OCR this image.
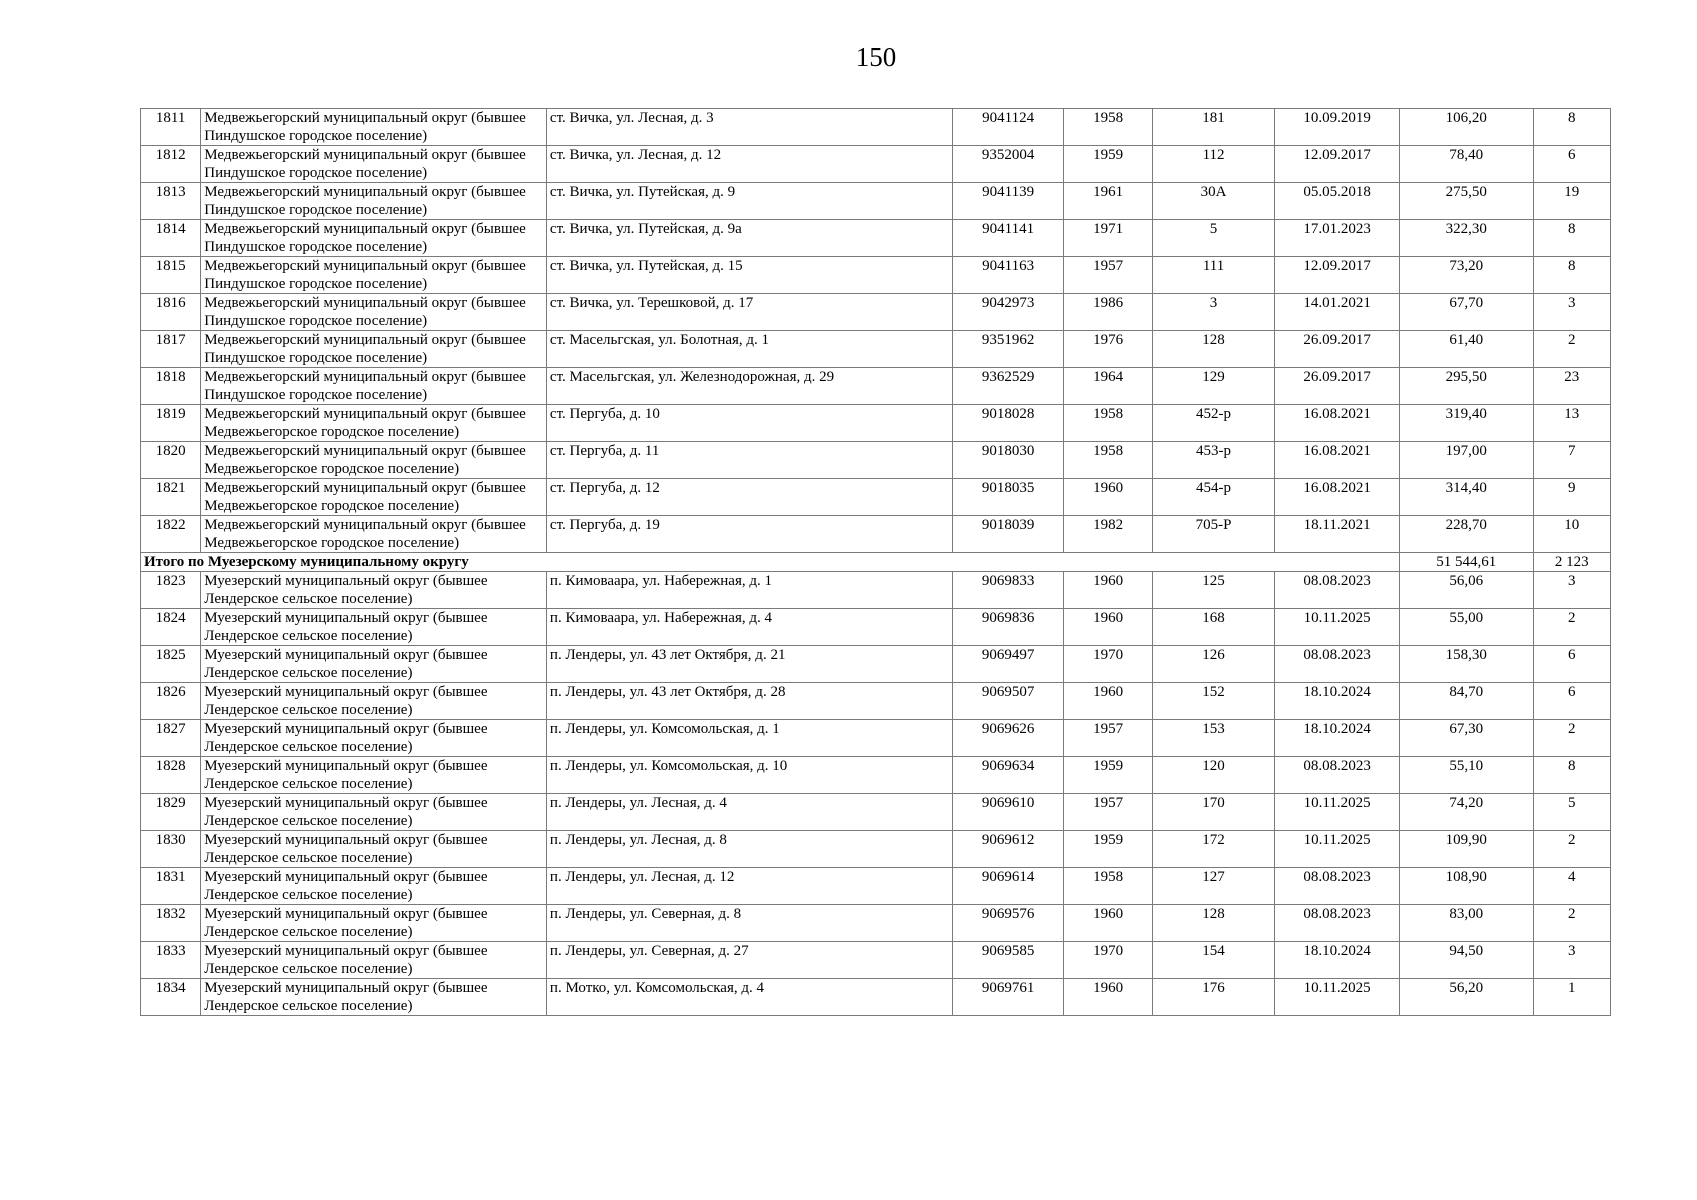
150
1811	Медвежьегорский муниципальный округ (бывшее Пиндушское городское поселение)	ст. Вичка, ул. Лесная, д. 3	9041124	1958	181	10.09.2019	106,20	8
1812	Медвежьегорский муниципальный округ (бывшее Пиндушское городское поселение)	ст. Вичка, ул. Лесная, д. 12	9352004	1959	112	12.09.2017	78,40	6
1813	Медвежьегорский муниципальный округ (бывшее Пиндушское городское поселение)	ст. Вичка, ул. Путейская, д. 9	9041139	1961	30А	05.05.2018	275,50	19
1814	Медвежьегорский муниципальный округ (бывшее Пиндушское городское поселение)	ст. Вичка, ул. Путейская, д. 9а	9041141	1971	5	17.01.2023	322,30	8
1815	Медвежьегорский муниципальный округ (бывшее Пиндушское городское поселение)	ст. Вичка, ул. Путейская, д. 15	9041163	1957	111	12.09.2017	73,20	8
1816	Медвежьегорский муниципальный округ (бывшее Пиндушское городское поселение)	ст. Вичка, ул. Терешковой, д. 17	9042973	1986	3	14.01.2021	67,70	3
1817	Медвежьегорский муниципальный округ (бывшее Пиндушское городское поселение)	ст. Масельгская, ул. Болотная, д. 1	9351962	1976	128	26.09.2017	61,40	2
1818	Медвежьегорский муниципальный округ (бывшее Пиндушское городское поселение)	ст. Масельгская, ул. Железнодорожная, д. 29	9362529	1964	129	26.09.2017	295,50	23
1819	Медвежьегорский муниципальный округ (бывшее Медвежьегорское городское поселение)	ст. Пергуба, д. 10	9018028	1958	452-р	16.08.2021	319,40	13
1820	Медвежьегорский муниципальный округ (бывшее Медвежьегорское городское поселение)	ст. Пергуба, д. 11	9018030	1958	453-р	16.08.2021	197,00	7
1821	Медвежьегорский муниципальный округ (бывшее Медвежьегорское городское поселение)	ст. Пергуба, д. 12	9018035	1960	454-р	16.08.2021	314,40	9
1822	Медвежьегорский муниципальный округ (бывшее Медвежьегорское городское поселение)	ст. Пергуба, д. 19	9018039	1982	705-Р	18.11.2021	228,70	10
Итого по Муезерскому муниципальному округу							51 544,61	2 123
1823	Муезерский муниципальный округ (бывшее Лендерское сельское поселение)	п. Кимоваара, ул. Набережная, д. 1	9069833	1960	125	08.08.2023	56,06	3
1824	Муезерский муниципальный округ (бывшее Лендерское сельское поселение)	п. Кимоваара, ул. Набережная, д. 4	9069836	1960	168	10.11.2025	55,00	2
1825	Муезерский муниципальный округ (бывшее Лендерское сельское поселение)	п. Лендеры, ул. 43 лет Октября, д. 21	9069497	1970	126	08.08.2023	158,30	6
1826	Муезерский муниципальный округ (бывшее Лендерское сельское поселение)	п. Лендеры, ул. 43 лет Октября, д. 28	9069507	1960	152	18.10.2024	84,70	6
1827	Муезерский муниципальный округ (бывшее Лендерское сельское поселение)	п. Лендеры, ул. Комсомольская, д. 1	9069626	1957	153	18.10.2024	67,30	2
1828	Муезерский муниципальный округ (бывшее Лендерское сельское поселение)	п. Лендеры, ул. Комсомольская, д. 10	9069634	1959	120	08.08.2023	55,10	8
1829	Муезерский муниципальный округ (бывшее Лендерское сельское поселение)	п. Лендеры, ул. Лесная, д. 4	9069610	1957	170	10.11.2025	74,20	5
1830	Муезерский муниципальный округ (бывшее Лендерское сельское поселение)	п. Лендеры, ул. Лесная, д. 8	9069612	1959	172	10.11.2025	109,90	2
1831	Муезерский муниципальный округ (бывшее Лендерское сельское поселение)	п. Лендеры, ул. Лесная, д. 12	9069614	1958	127	08.08.2023	108,90	4
1832	Муезерский муниципальный округ (бывшее Лендерское сельское поселение)	п. Лендеры, ул. Северная, д. 8	9069576	1960	128	08.08.2023	83,00	2
1833	Муезерский муниципальный округ (бывшее Лендерское сельское поселение)	п. Лендеры, ул. Северная, д. 27	9069585	1970	154	18.10.2024	94,50	3
1834	Муезерский муниципальный округ (бывшее Лендерское сельское поселение)	п. Мотко, ул. Комсомольская, д. 4	9069761	1960	176	10.11.2025	56,20	1
